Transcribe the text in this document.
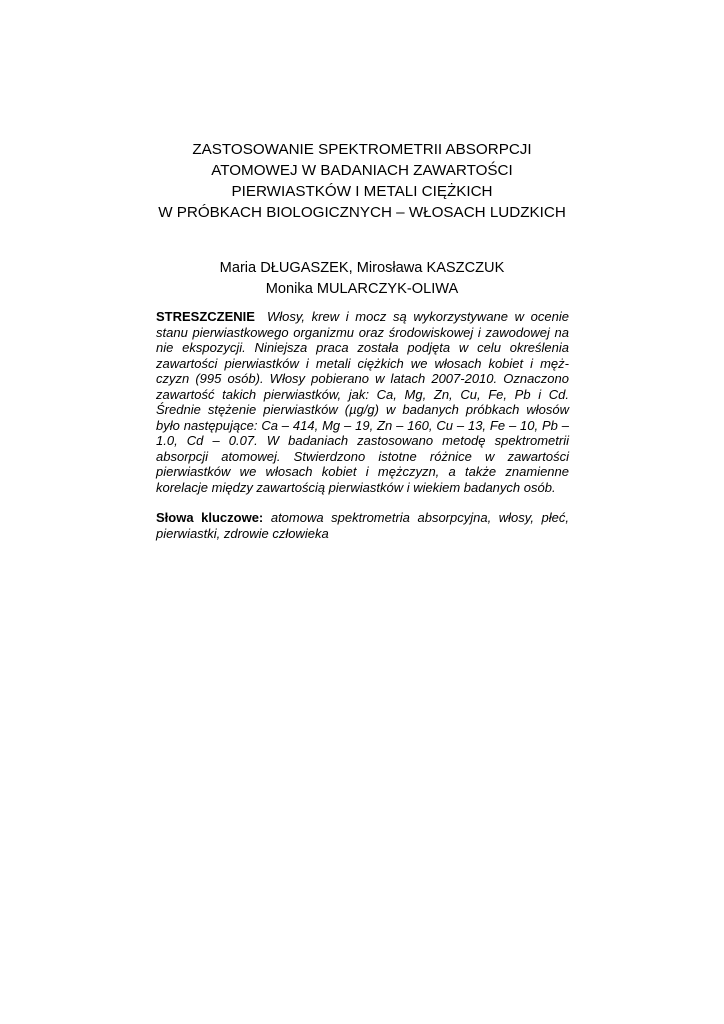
ZASTOSOWANIE SPEKTROMETRII ABSORPCJI
ATOMOWEJ W BADANIACH ZAWARTOŚCI
PIERWIASTKÓW I METALI CIĘŻKICH
W PRÓBKACH BIOLOGICZNYCH – WŁOSACH LUDZKICH
Maria DŁUGASZEK, Mirosława KASZCZUK
Monika MULARCZYK-OLIWA
STRESZCZENIE Włosy, krew i mocz są wykorzystywane w ocenie stanu pierwiastkowego organizmu oraz środowiskowej i zawodowej na nie ekspozycji. Niniejsza praca została podjęta w celu określenia zawartości pierwiastków i metali ciężkich we włosach kobiet i męż-czyzn (995 osób). Włosy pobierano w latach 2007-2010. Oznaczono zawartość takich pierwiastków, jak: Ca, Mg, Zn, Cu, Fe, Pb i Cd. Średnie stężenie pierwiastków (µg/g) w badanych próbkach włosów było następujące: Ca – 414, Mg – 19, Zn – 160, Cu – 13, Fe – 10, Pb – 1.0, Cd – 0.07. W badaniach zastosowano metodę spektrometrii absorpcji atomowej. Stwierdzono istotne różnice w zawartości pierwiastków we włosach kobiet i mężczyzn, a także znamienne korelacje między zawartością pierwiastków i wiekiem badanych osób.
Słowa kluczowe: atomowa spektrometria absorpcyjna, włosy, płeć, pierwiastki, zdrowie człowieka
